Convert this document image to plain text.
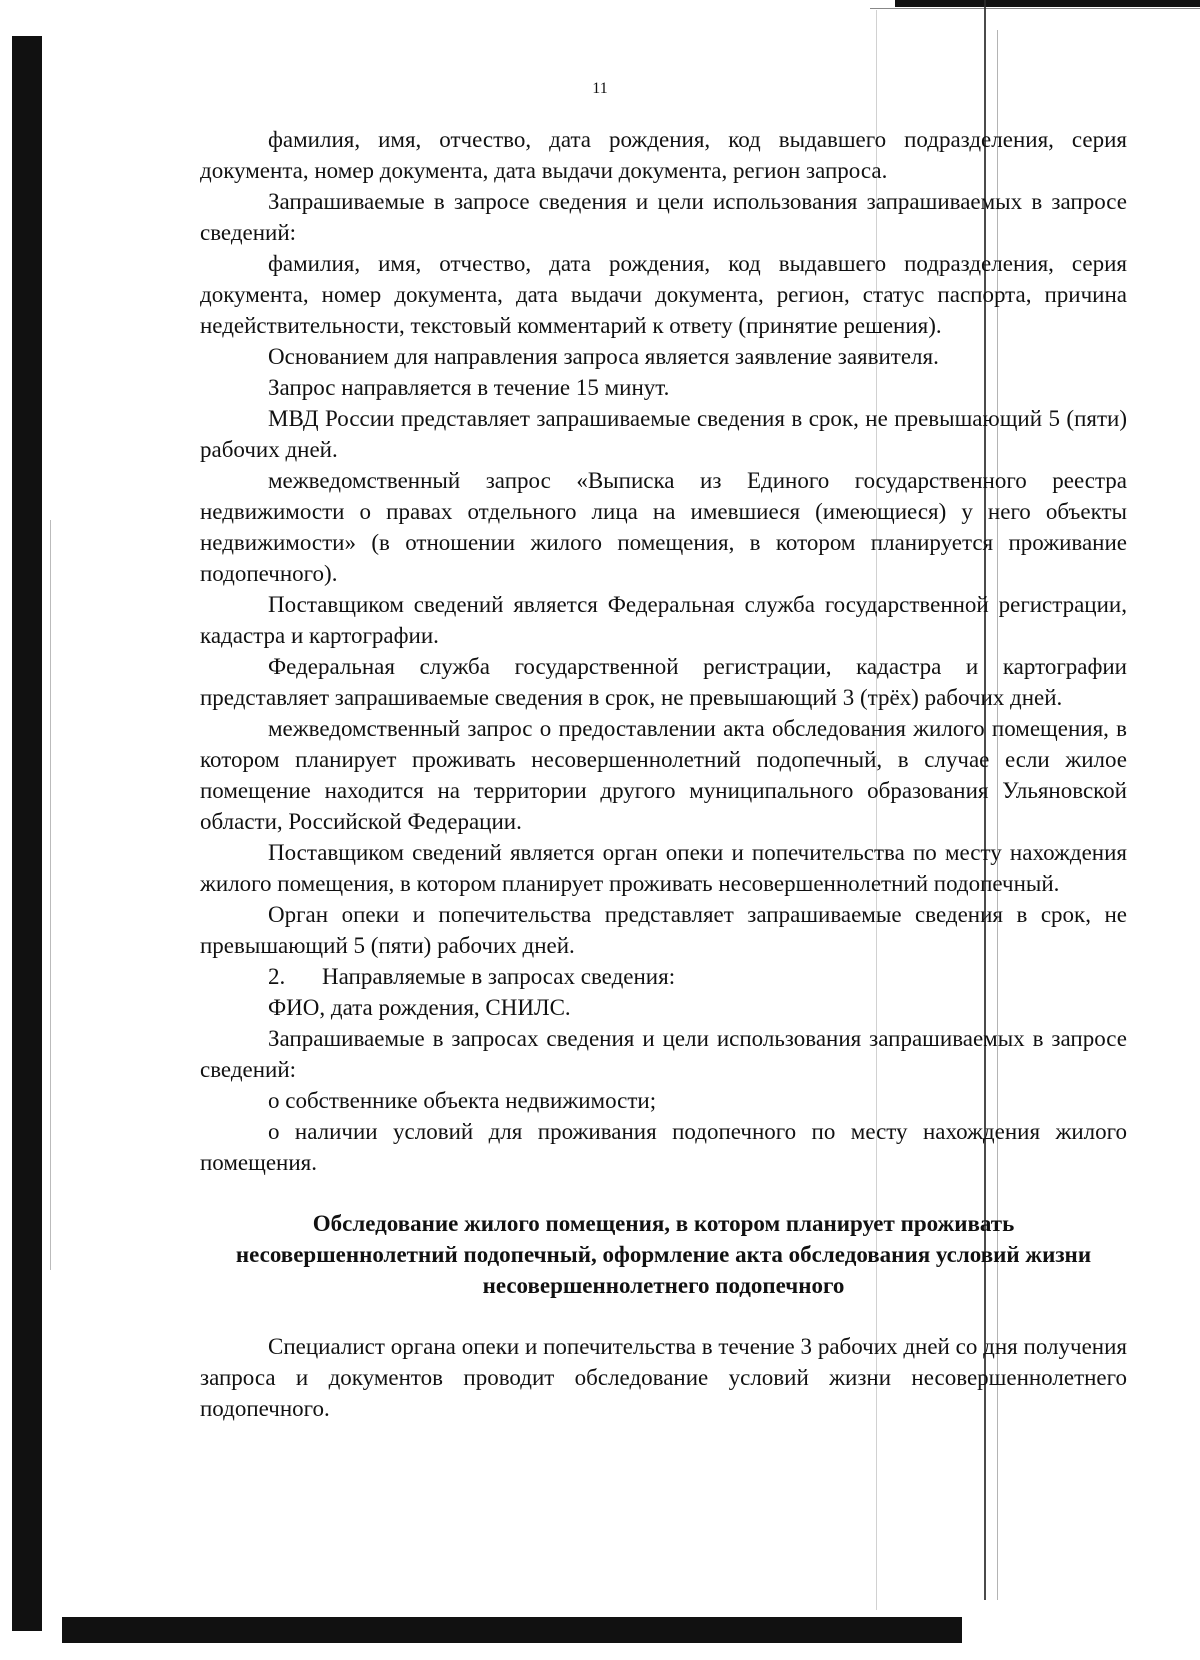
11

фамилия, имя, отчество, дата рождения, код выдавшего подразделения, серия документа, номер документа, дата выдачи документа, регион запроса.

Запрашиваемые в запросе сведения и цели использования запрашиваемых в запросе сведений:

фамилия, имя, отчество, дата рождения, код выдавшего подразделения, серия документа, номер документа, дата выдачи документа, регион, статус паспорта, причина недействительности, текстовый комментарий к ответу (принятие решения).

Основанием для направления запроса является заявление заявителя.

Запрос направляется в течение 15 минут.

МВД России представляет запрашиваемые сведения в срок, не превышающий 5 (пяти) рабочих дней.

межведомственный запрос «Выписка из Единого государственного реестра недвижимости о правах отдельного лица на имевшиеся (имеющиеся) у него объекты недвижимости» (в отношении жилого помещения, в котором планируется проживание подопечного).

Поставщиком сведений является Федеральная служба государственной регистрации, кадастра и картографии.

Федеральная служба государственной регистрации, кадастра и картографии представляет запрашиваемые сведения в срок, не превышающий 3 (трёх) рабочих дней.

межведомственный запрос о предоставлении акта обследования жилого помещения, в котором планирует проживать несовершеннолетний подопечный, в случае если жилое помещение находится на территории другого муниципального образования Ульяновской области, Российской Федерации.

Поставщиком сведений является орган опеки и попечительства по месту нахождения жилого помещения, в котором планирует проживать несовершеннолетний подопечный.

Орган опеки и попечительства представляет запрашиваемые сведения в срок, не превышающий 5 (пяти) рабочих дней.

2. Направляемые в запросах сведения:

ФИО, дата рождения, СНИЛС.

Запрашиваемые в запросах сведения и цели использования запрашиваемых в запросе сведений:

о собственнике объекта недвижимости;

о наличии условий для проживания подопечного по месту нахождения жилого помещения.

Обследование жилого помещения, в котором планирует проживать несовершеннолетний подопечный, оформление акта обследования условий жизни несовершеннолетнего подопечного

Специалист органа опеки и попечительства в течение 3 рабочих дней со дня получения запроса и документов проводит обследование условий жизни несовершеннолетнего подопечного.
